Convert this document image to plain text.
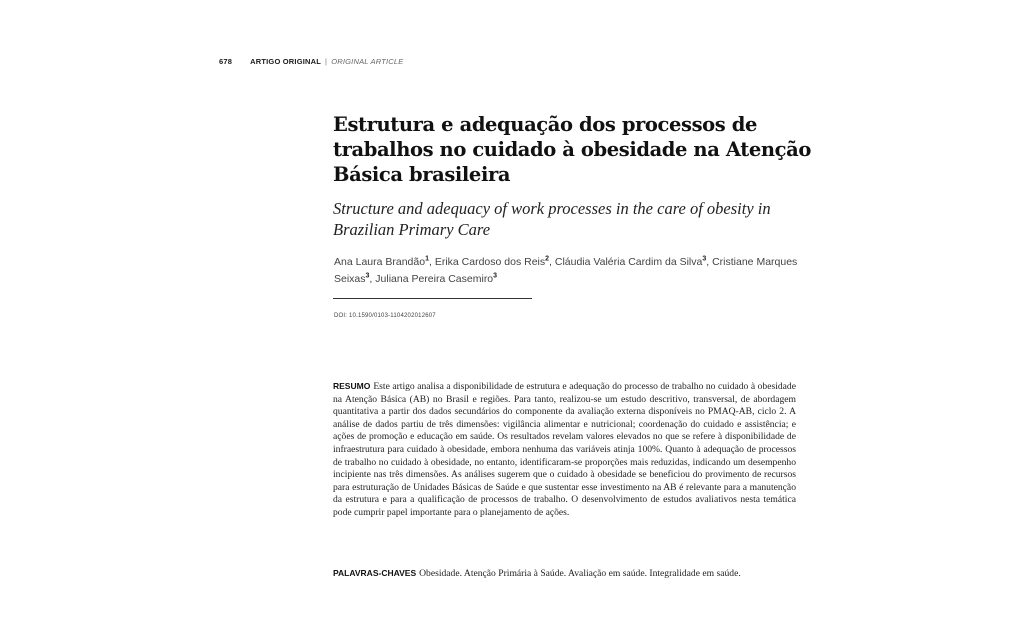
678 ARTIGO ORIGINAL | ORIGINAL ARTICLE
Estrutura e adequação dos processos de trabalhos no cuidado à obesidade na Atenção Básica brasileira
Structure and adequacy of work processes in the care of obesity in Brazilian Primary Care
Ana Laura Brandão$^1$, Erika Cardoso dos Reis$^2$, Cláudia Valéria Cardim da Silva$^3$, Cristiane Marques Seixas$^3$, Juliana Pereira Casemiro$^3$
DOI: 10.1590/0103-1104202012607
RESUMO Este artigo analisa a disponibilidade de estrutura e adequação do processo de trabalho no cuidado à obesidade na Atenção Básica (AB) no Brasil e regiões. Para tanto, realizou-se um estudo descritivo, transversal, de abordagem quantitativa a partir dos dados secundários do componente da avaliação externa disponíveis no PMAQ-AB, ciclo 2. A análise de dados partiu de três dimensões: vigilância alimentar e nutricional; coordenação do cuidado e assistência; e ações de promoção e educação em saúde. Os resultados revelam valores elevados no que se refere à disponibilidade de infraestrutura para cuidado à obesidade, embora nenhuma das variáveis atinja 100%. Quanto à adequação de processos de trabalho no cuidado à obesidade, no entanto, identificaram-se proporções mais reduzidas, indicando um desempenho incipiente nas três dimensões. As análises sugerem que o cuidado à obesidade se beneficiou do provimento de recursos para estruturação de Unidades Básicas de Saúde e que sustentar esse investimento na AB é relevante para a manutenção da estrutura e para a qualificação de processos de trabalho. O desenvolvimento de estudos avaliativos nesta temática pode cumprir papel importante para o planejamento de ações.
PALAVRAS-CHAVES Obesidade. Atenção Primária à Saúde. Avaliação em saúde. Integralidade em saúde.
